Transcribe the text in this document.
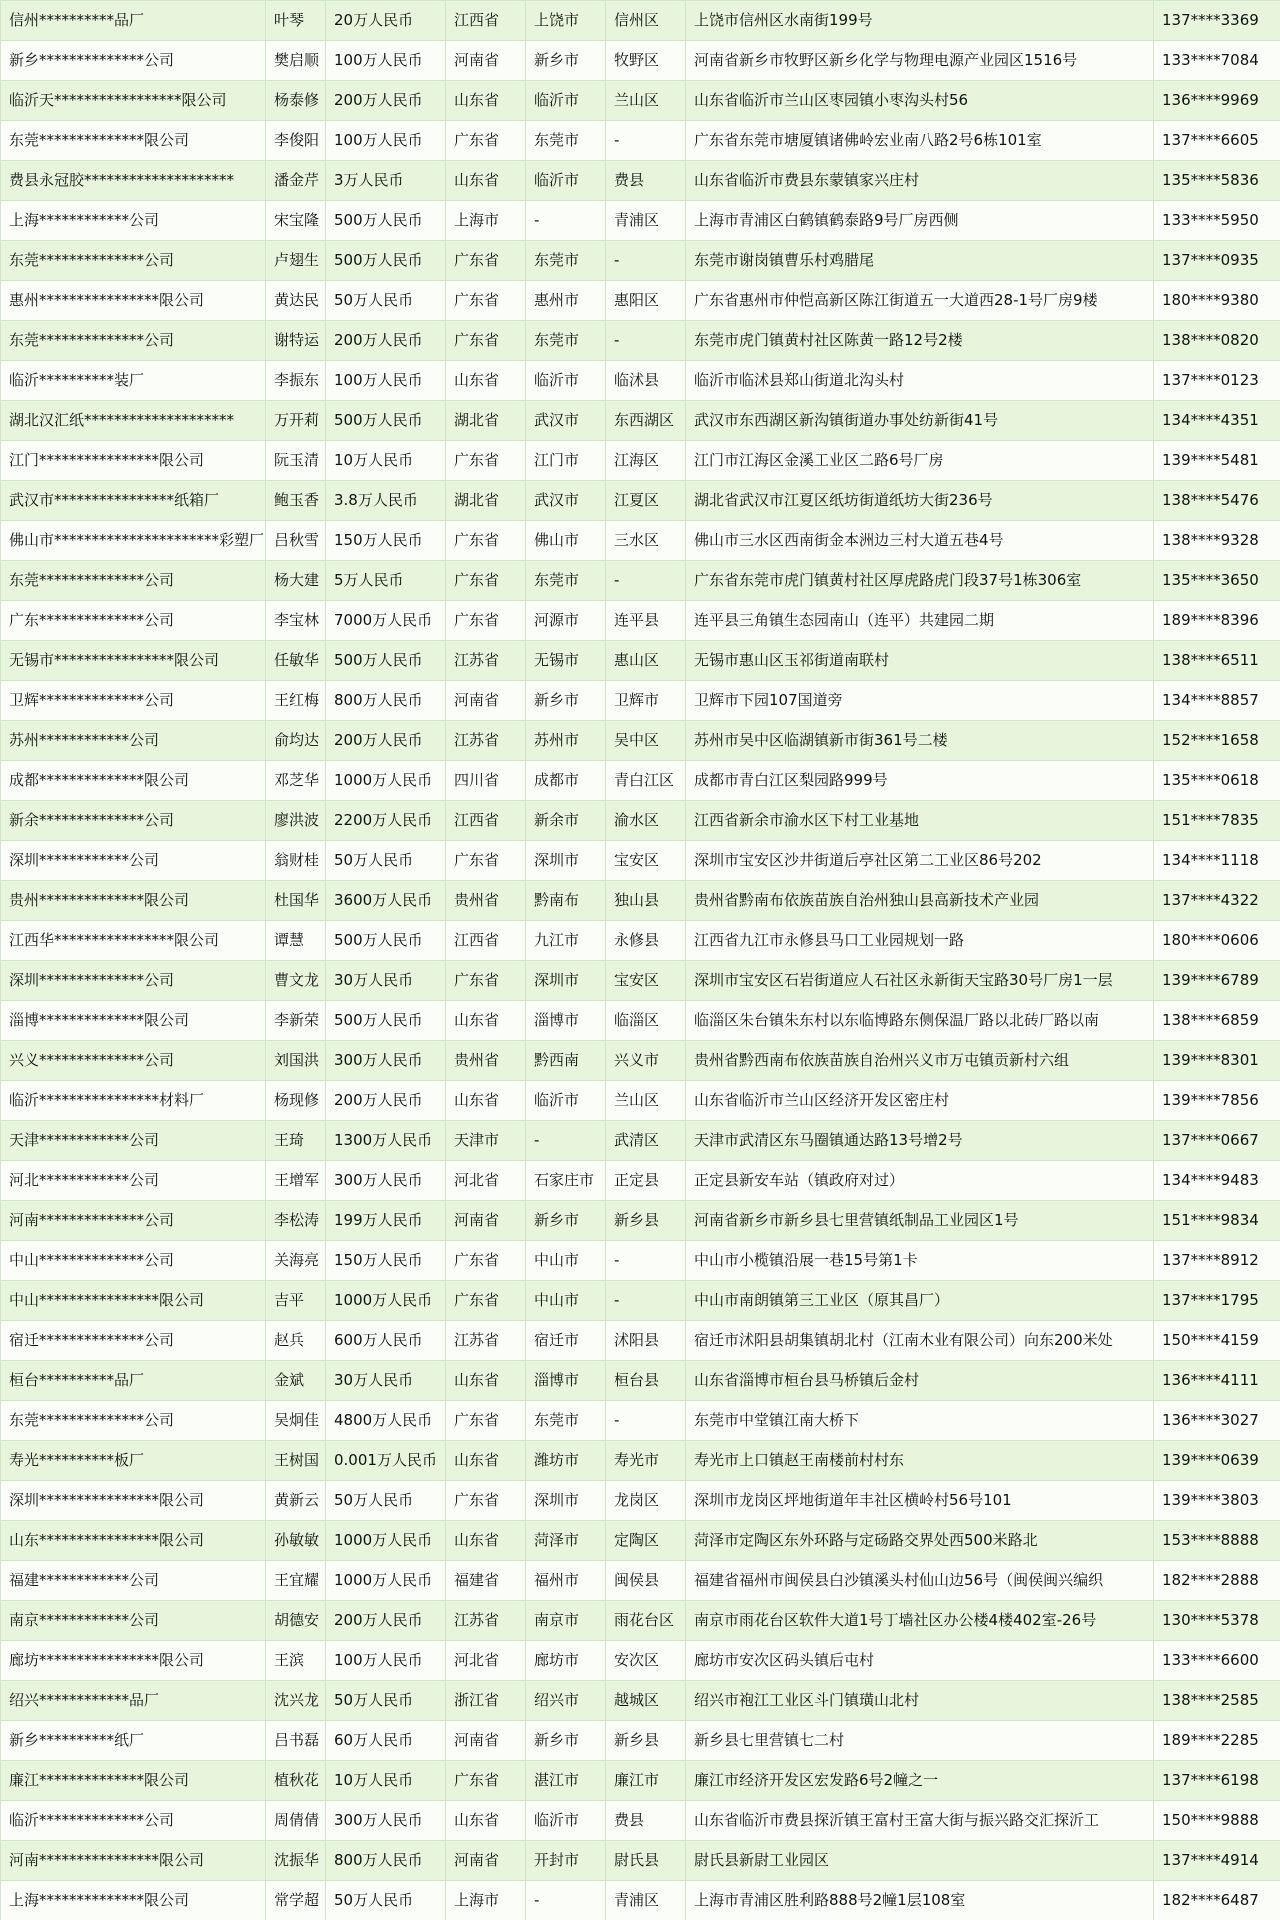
信州**********品厂	叶琴	20万人民币	江西省	上饶市	信州区	上饶市信州区水南街199号	137****3369
新乡**************公司	樊启顺	100万人民币	河南省	新乡市	牧野区	河南省新乡市牧野区新乡化学与物理电源产业园区1516号	133****7084
临沂天*****************限公司	杨泰修	200万人民币	山东省	临沂市	兰山区	山东省临沂市兰山区枣园镇小枣沟头村56	136****9969
东莞**************限公司	李俊阳	100万人民币	广东省	东莞市	-	广东省东莞市塘厦镇诸佛岭宏业南八路2号6栋101室	137****6605
费县永冠胶********************	潘金芹	3万人民币	山东省	临沂市	费县	山东省临沂市费县东蒙镇家兴庄村	135****5836
上海************公司	宋宝隆	500万人民币	上海市	-	青浦区	上海市青浦区白鹤镇鹤泰路9号厂房西侧	133****5950
东莞**************公司	卢翅生	500万人民币	广东省	东莞市	-	东莞市谢岗镇曹乐村鸡腊尾	137****0935
惠州****************限公司	黄达民	50万人民币	广东省	惠州市	惠阳区	广东省惠州市仲恺高新区陈江街道五一大道西28-1号厂房9楼	180****9380
东莞**************公司	谢特运	200万人民币	广东省	东莞市	-	东莞市虎门镇黄村社区陈黄一路12号2楼	138****0820
临沂**********装厂	李振东	100万人民币	山东省	临沂市	临沭县	临沂市临沭县郑山街道北沟头村	137****0123
湖北汉汇纸********************	万开莉	500万人民币	湖北省	武汉市	东西湖区	武汉市东西湖区新沟镇街道办事处纺新街41号	134****4351
江门****************限公司	阮玉清	10万人民币	广东省	江门市	江海区	江门市江海区金溪工业区二路6号厂房	139****5481
武汉市****************纸箱厂	鲍玉香	3.8万人民币	湖北省	武汉市	江夏区	湖北省武汉市江夏区纸坊街道纸坊大街236号	138****5476
佛山市**********************彩塑厂	吕秋雪	150万人民币	广东省	佛山市	三水区	佛山市三水区西南街金本洲边三村大道五巷4号	138****9328
东莞**************公司	杨大建	5万人民币	广东省	东莞市	-	广东省东莞市虎门镇黄村社区厚虎路虎门段37号1栋306室	135****3650
广东**************公司	李宝林	7000万人民币	广东省	河源市	连平县	连平县三角镇生态园南山（连平）共建园二期	189****8396
无锡市****************限公司	任敏华	500万人民币	江苏省	无锡市	惠山区	无锡市惠山区玉祁街道南联村	138****6511
卫辉**************公司	王红梅	800万人民币	河南省	新乡市	卫辉市	卫辉市下园107国道旁	134****8857
苏州************公司	俞均达	200万人民币	江苏省	苏州市	吴中区	苏州市吴中区临湖镇新市街361号二楼	152****1658
成都**************限公司	邓芝华	1000万人民币	四川省	成都市	青白江区	成都市青白江区梨园路999号	135****0618
新余**************公司	廖洪波	2200万人民币	江西省	新余市	渝水区	江西省新余市渝水区下村工业基地	151****7835
深圳************公司	翁财桂	50万人民币	广东省	深圳市	宝安区	深圳市宝安区沙井街道后亭社区第二工业区86号202	134****1118
贵州**************限公司	杜国华	3600万人民币	贵州省	黔南布	独山县	贵州省黔南布依族苗族自治州独山县高新技术产业园	137****4322
江西华****************限公司	谭慧	500万人民币	江西省	九江市	永修县	江西省九江市永修县马口工业园规划一路	180****0606
深圳**************公司	曹文龙	30万人民币	广东省	深圳市	宝安区	深圳市宝安区石岩街道应人石社区永新街天宝路30号厂房1一层	139****6789
淄博**************限公司	李新荣	500万人民币	山东省	淄博市	临淄区	临淄区朱台镇朱东村以东临博路东侧保温厂路以北砖厂路以南	138****6859
兴义**************公司	刘国洪	300万人民币	贵州省	黔西南	兴义市	贵州省黔西南布依族苗族自治州兴义市万屯镇贡新村六组	139****8301
临沂****************材料厂	杨现修	200万人民币	山东省	临沂市	兰山区	山东省临沂市兰山区经济开发区密庄村	139****7856
天津************公司	王琦	1300万人民币	天津市	-	武清区	天津市武清区东马圈镇通达路13号增2号	137****0667
河北************公司	王增军	300万人民币	河北省	石家庄市	正定县	正定县新安车站（镇政府对过）	134****9483
河南**************公司	李松涛	199万人民币	河南省	新乡市	新乡县	河南省新乡市新乡县七里营镇纸制品工业园区1号	151****9834
中山**************公司	关海亮	150万人民币	广东省	中山市	-	中山市小榄镇沿展一巷15号第1卡	137****8912
中山****************限公司	吉平	1000万人民币	广东省	中山市	-	中山市南朗镇第三工业区（原其昌厂）	137****1795
宿迁**************公司	赵兵	600万人民币	江苏省	宿迁市	沭阳县	宿迁市沭阳县胡集镇胡北村（江南木业有限公司）向东200米处	150****4159
桓台**********品厂	金斌	30万人民币	山东省	淄博市	桓台县	山东省淄博市桓台县马桥镇后金村	136****4111
东莞**************公司	吴炯佳	4800万人民币	广东省	东莞市	-	东莞市中堂镇江南大桥下	136****3027
寿光**********板厂	王树国	0.001万人民币	山东省	潍坊市	寿光市	寿光市上口镇赵王南楼前村村东	139****0639
深圳****************限公司	黄新云	50万人民币	广东省	深圳市	龙岗区	深圳市龙岗区坪地街道年丰社区横岭村56号101	139****3803
山东****************限公司	孙敏敏	1000万人民币	山东省	菏泽市	定陶区	菏泽市定陶区东外环路与定砀路交界处西500米路北	153****8888
福建************公司	王宜耀	1000万人民币	福建省	福州市	闽侯县	福建省福州市闽侯县白沙镇溪头村仙山边56号（闽侯闽兴编织	182****2888
南京************公司	胡德安	200万人民币	江苏省	南京市	雨花台区	南京市雨花台区软件大道1号丁墙社区办公楼4楼402室-26号	130****5378
廊坊****************限公司	王滨	100万人民币	河北省	廊坊市	安次区	廊坊市安次区码头镇后屯村	133****6600
绍兴************品厂	沈兴龙	50万人民币	浙江省	绍兴市	越城区	绍兴市袍江工业区斗门镇璜山北村	138****2585
新乡**********纸厂	吕书磊	60万人民币	河南省	新乡市	新乡县	新乡县七里营镇七二村	189****2285
廉江**************限公司	植秋花	10万人民币	广东省	湛江市	廉江市	廉江市经济开发区宏发路6号2幢之一	137****6198
临沂**************公司	周倩倩	300万人民币	山东省	临沂市	费县	山东省临沂市费县探沂镇王富村王富大街与振兴路交汇探沂工	150****9888
河南****************限公司	沈振华	800万人民币	河南省	开封市	尉氏县	尉氏县新尉工业园区	137****4914
上海**************限公司	常学超	50万人民币	上海市	-	青浦区	上海市青浦区胜利路888号2幢1层108室	182****6487
